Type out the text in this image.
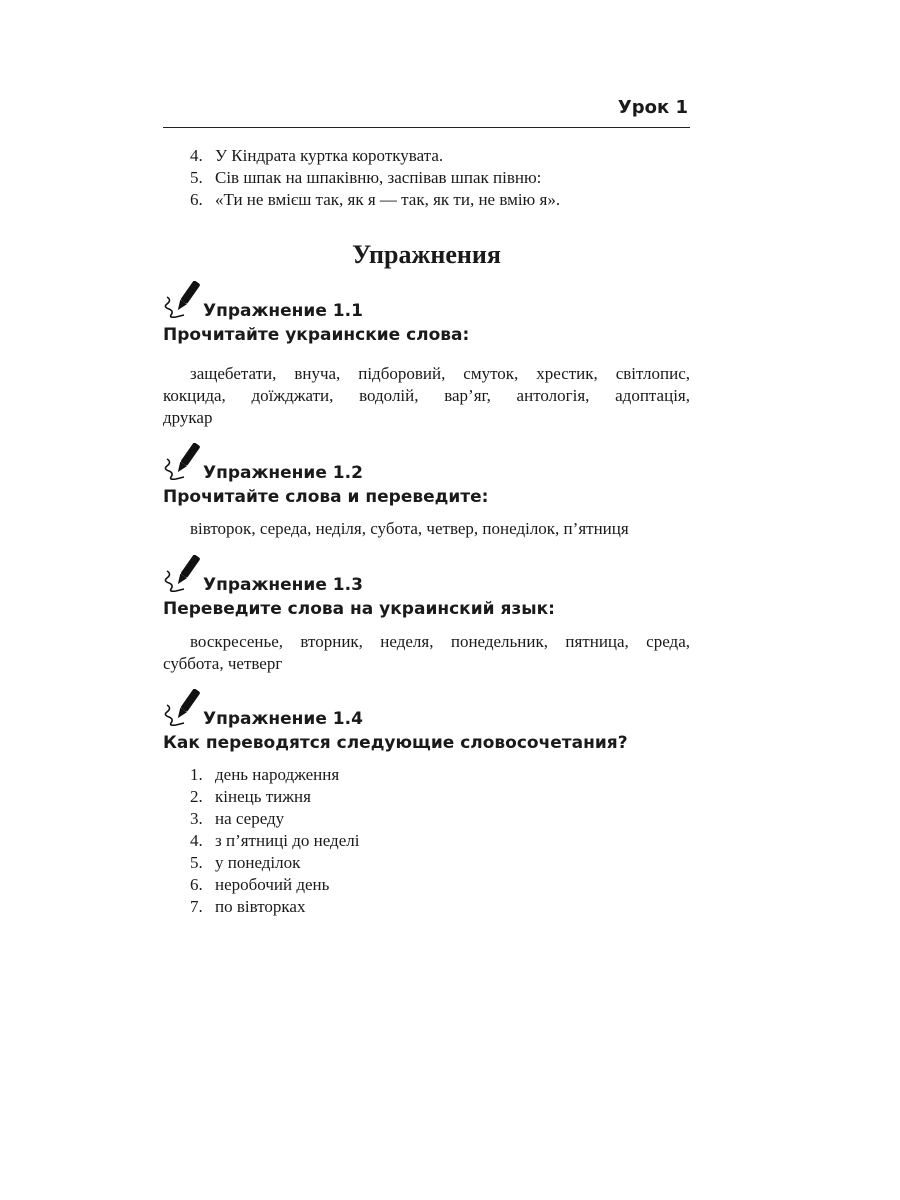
Урок 1
4. У Кіндрата куртка короткувата.
5. Сів шпак на шпаківню, заспівав шпак півню:
6. «Ти не вмієш так, як я — так, як ти, не вмію я».
Упражнения
Упражнение 1.1
Прочитайте украинские слова:
защебетати, внуча, підборовий, смуток, хрестик, світлопис,
кокцида, доїжджати, водолій, вар’яг, антологія, адоптація,
друкар
Упражнение 1.2
Прочитайте слова и переведите:
вівторок, середа, неділя, субота, четвер, понеділок, п’ятниця
Упражнение 1.3
Переведите слова на украинский язык:
воскресенье, вторник, неделя, понедельник, пятница, среда,
суббота, четверг
Упражнение 1.4
Как переводятся следующие словосочетания?
1. день народження
2. кінець тижня
3. на середу
4. з п’ятниці до неделі
5. у понеділок
6. неробочий день
7. по вівторках
